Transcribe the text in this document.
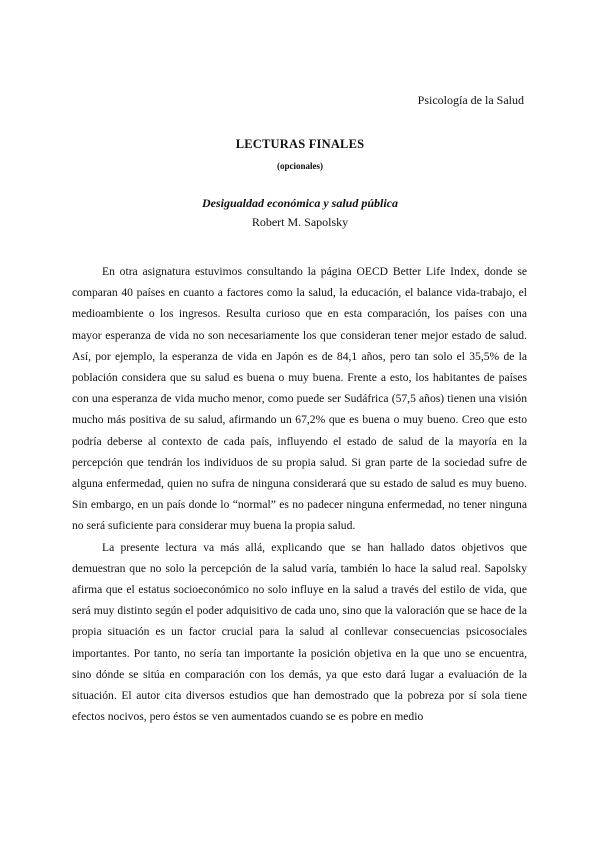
Psicología de la Salud
LECTURAS FINALES
(opcionales)
Desigualdad económica y salud pública
Robert M. Sapolsky

En otra asignatura estuvimos consultando la página OECD Better Life Index, donde se comparan 40 países en cuanto a factores como la salud, la educación, el balance vida-trabajo, el medioambiente o los ingresos. Resulta curioso que en esta comparación, los países con una mayor esperanza de vida no son necesariamente los que consideran tener mejor estado de salud. Así, por ejemplo, la esperanza de vida en Japón es de 84,1 años, pero tan solo el 35,5% de la población considera que su salud es buena o muy buena. Frente a esto, los habitantes de países con una esperanza de vida mucho menor, como puede ser Sudáfrica (57,5 años) tienen una visión mucho más positiva de su salud, afirmando un 67,2% que es buena o muy bueno. Creo que esto podría deberse al contexto de cada país, influyendo el estado de salud de la mayoría en la percepción que tendrán los individuos de su propia salud. Si gran parte de la sociedad sufre de alguna enfermedad, quien no sufra de ninguna considerará que su estado de salud es muy bueno. Sin embargo, en un país donde lo “normal” es no padecer ninguna enfermedad, no tener ninguna no será suficiente para considerar muy buena la propia salud.

La presente lectura va más allá, explicando que se han hallado datos objetivos que demuestran que no solo la percepción de la salud varía, también lo hace la salud real. Sapolsky afirma que el estatus socioeconómico no solo influye en la salud a través del estilo de vida, que será muy distinto según el poder adquisitivo de cada uno, sino que la valoración que se hace de la propia situación es un factor crucial para la salud al conllevar consecuencias psicosociales importantes. Por tanto, no sería tan importante la posición objetiva en la que uno se encuentra, sino dónde se sitúa en comparación con los demás, ya que esto dará lugar a evaluación de la situación. El autor cita diversos estudios que han demostrado que la pobreza por sí sola tiene efectos nocivos, pero éstos se ven aumentados cuando se es pobre en medio
